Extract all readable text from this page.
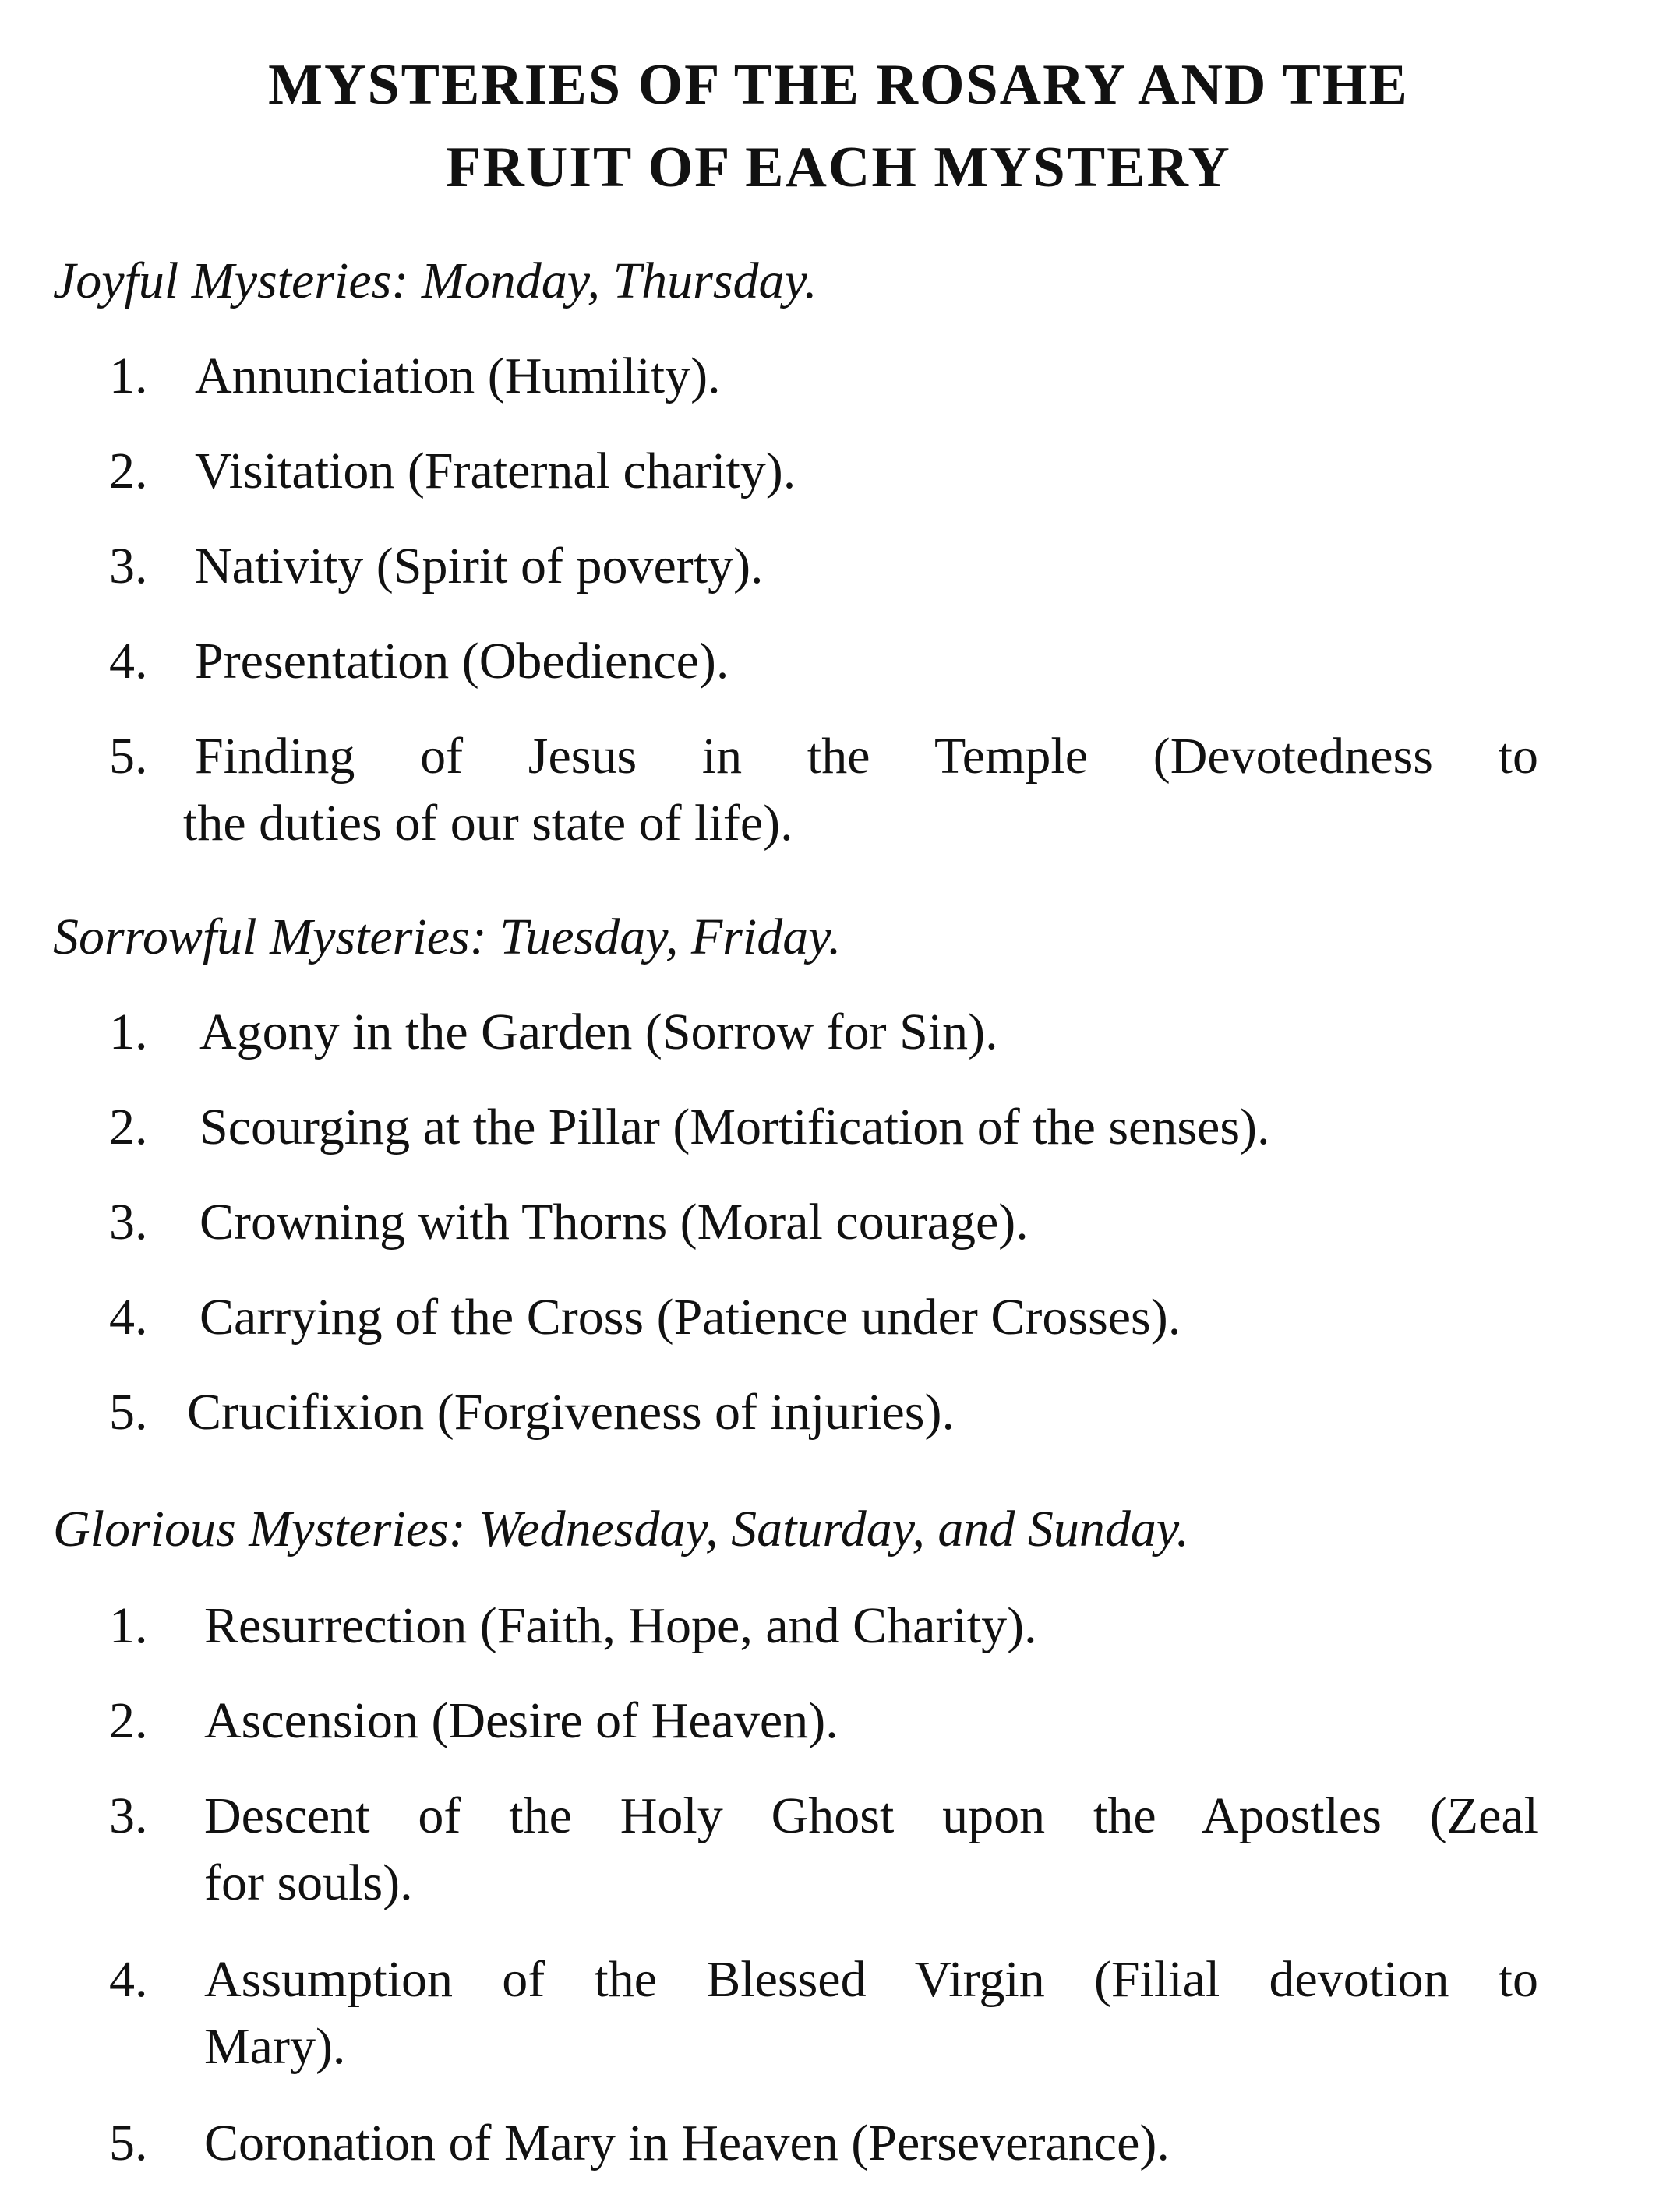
MYSTERIES OF THE ROSARY AND THE
FRUIT OF EACH MYSTERY
Joyful Mysteries: Monday, Thursday.
1. Annunciation (Humility).
2. Visitation (Fraternal charity).
3. Nativity (Spirit of poverty).
4. Presentation (Obedience).
5. Finding of Jesus in the Temple (Devotedness to
the duties of our state of life).
Sorrowful Mysteries: Tuesday, Friday.
1. Agony in the Garden (Sorrow for Sin).
2. Scourging at the Pillar (Mortification of the senses).
3. Crowning with Thorns (Moral courage).
4. Carrying of the Cross (Patience under Crosses).
5. Crucifixion (Forgiveness of injuries).
Glorious Mysteries: Wednesday, Saturday, and Sunday.
1. Resurrection (Faith, Hope, and Charity).
2. Ascension (Desire of Heaven).
3. Descent of the Holy Ghost upon the Apostles (Zeal
for souls).
4. Assumption of the Blessed Virgin (Filial devotion to
Mary).
5. Coronation of Mary in Heaven (Perseverance).
